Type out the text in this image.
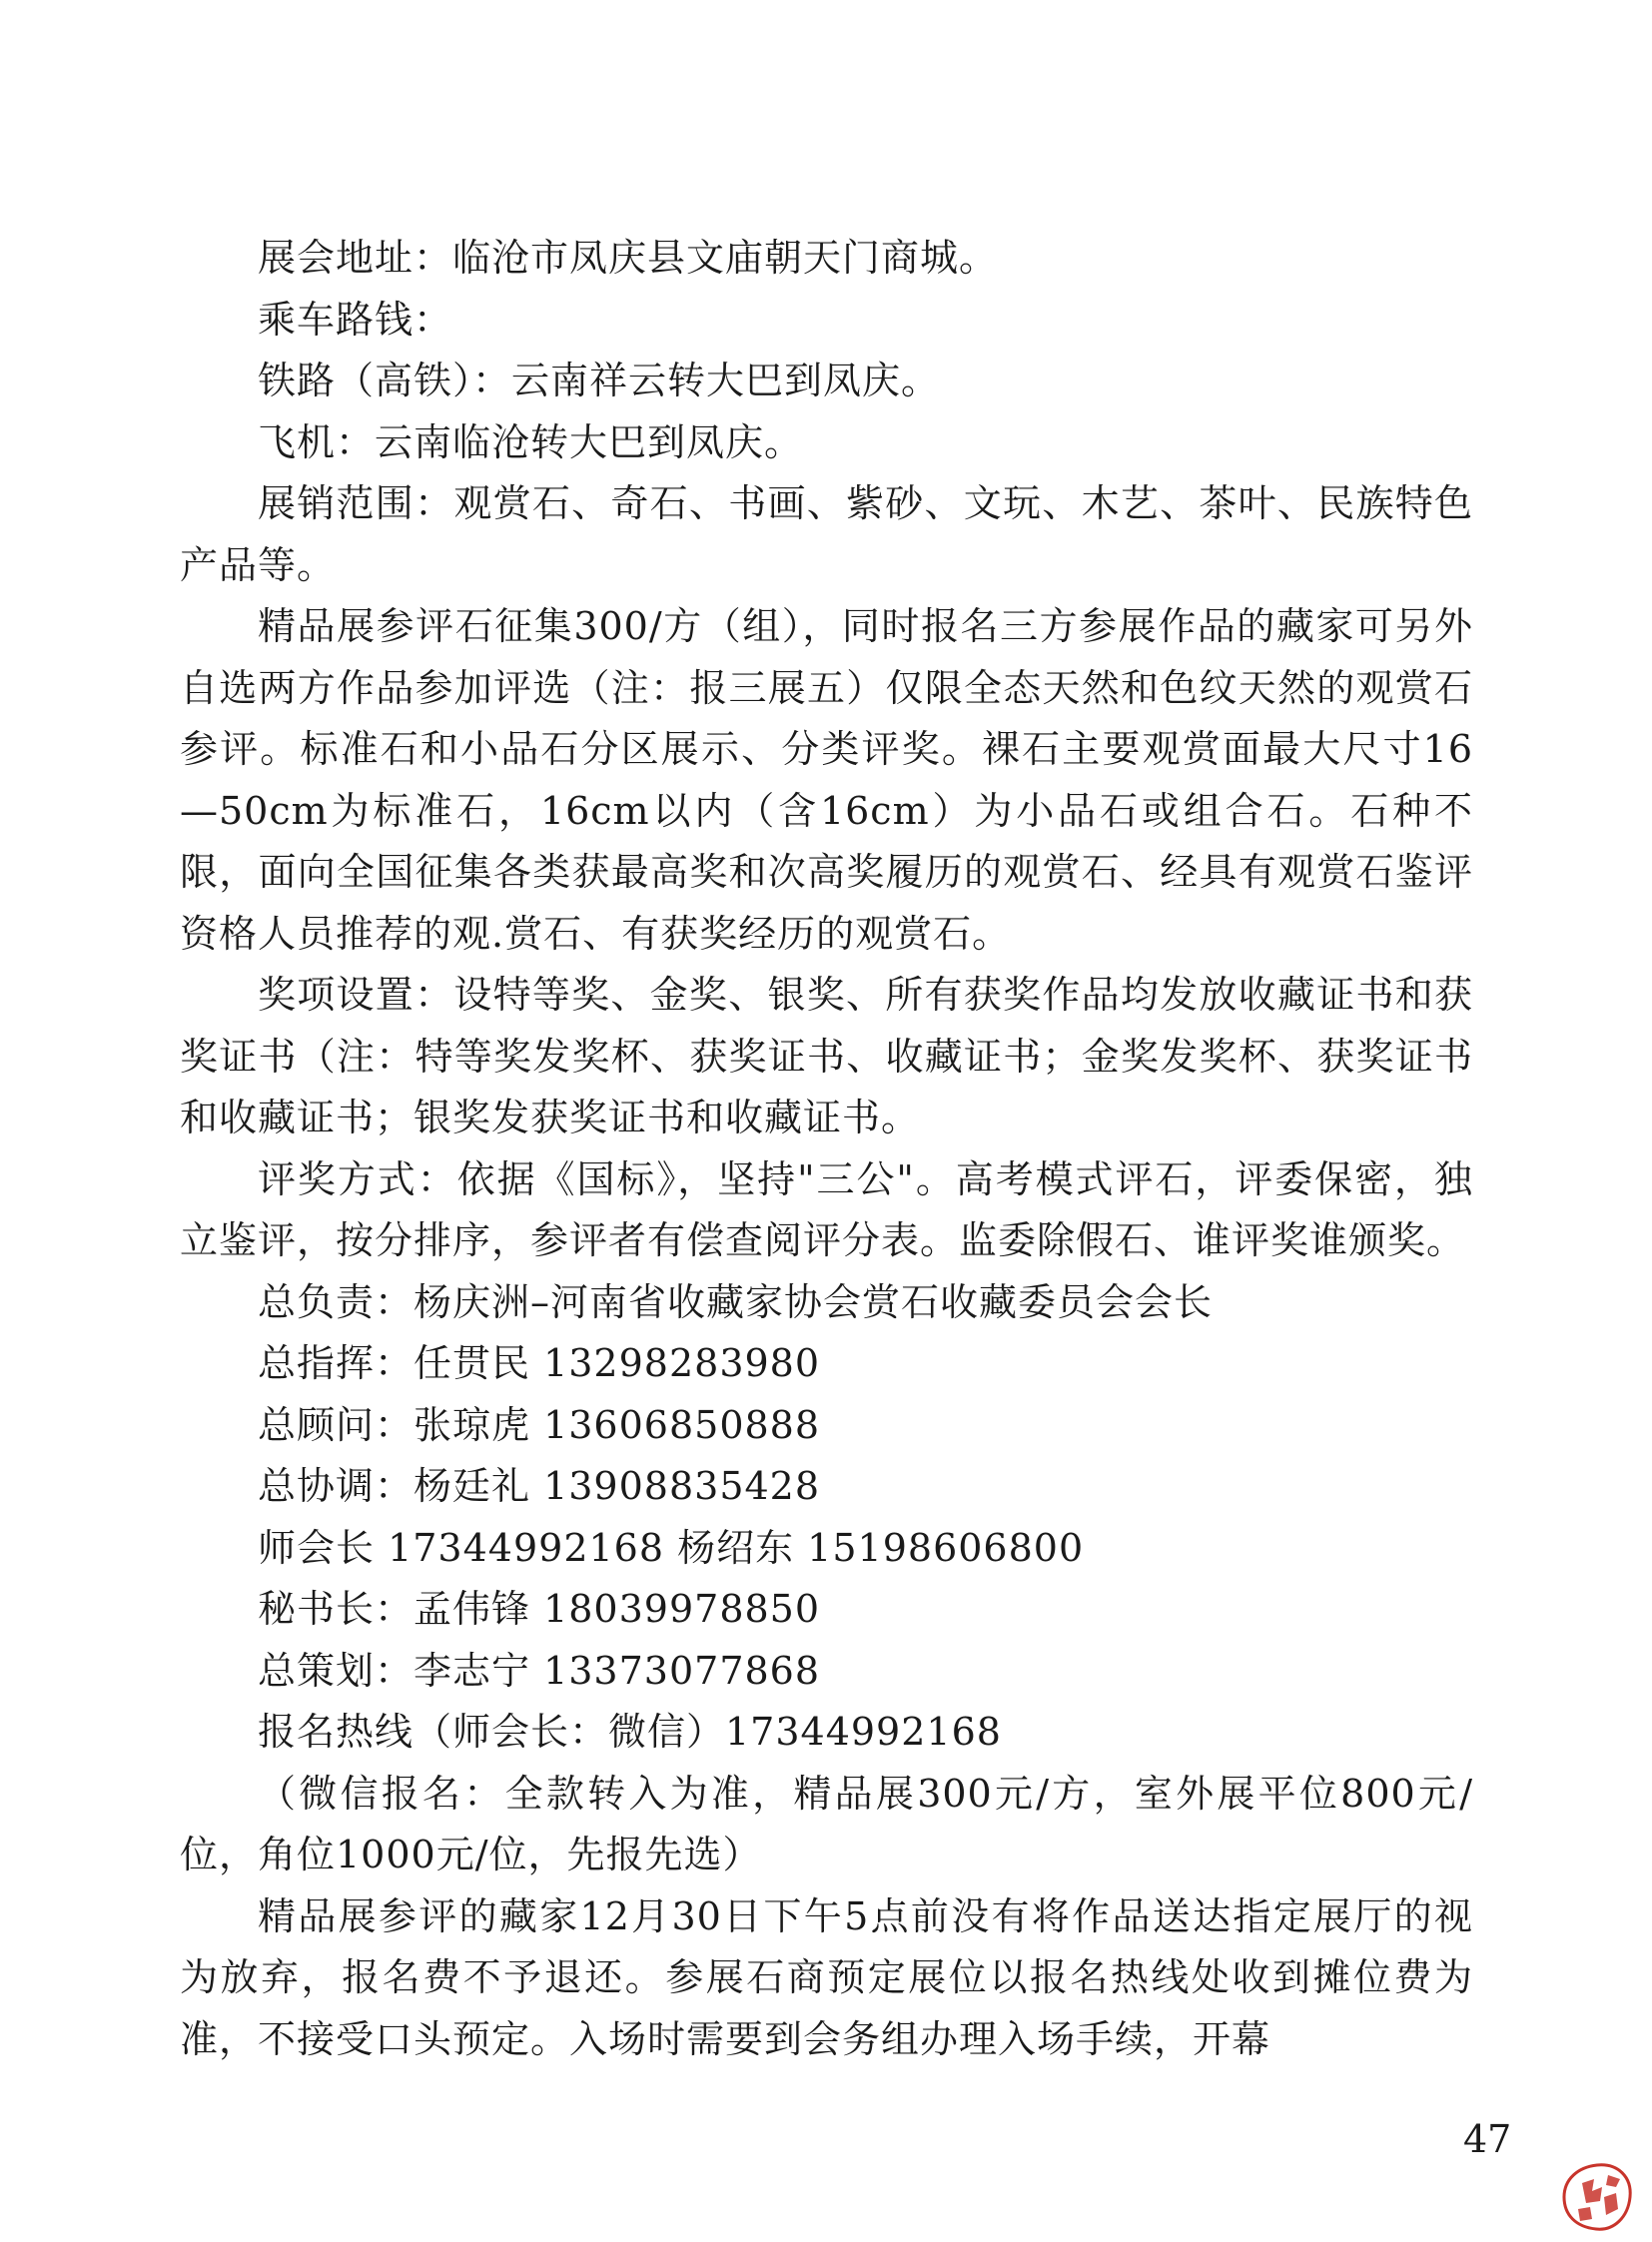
展会地址：临沧市凤庆县文庙朝天门商城。

乘车路钱：

铁路（高铁）：云南祥云转大巴到凤庆。

飞机：云南临沧转大巴到凤庆。

展销范围：观赏石、奇石、书画、紫砂、文玩、木艺、茶叶、民族特色产品等。

精品展参评石征集300/方（组），同时报名三方参展作品的藏家可另外自选两方作品参加评选（注：报三展五）仅限全态天然和色纹天然的观赏石参评。标准石和小品石分区展示、分类评奖。裸石主要观赏面最大尺寸16—50cm为标准石，16cm以内（含16cm）为小品石或组合石。石种不限，面向全国征集各类获最高奖和次高奖履历的观赏石、经具有观赏石鉴评资格人员推荐的观.赏石、有获奖经历的观赏石。

奖项设置：设特等奖、金奖、银奖、所有获奖作品均发放收藏证书和获奖证书（注：特等奖发奖杯、获奖证书、收藏证书；金奖发奖杯、获奖证书和收藏证书；银奖发获奖证书和收藏证书。

评奖方式：依据《国标》，坚持"三公"。高考模式评石，评委保密，独立鉴评，按分排序，参评者有偿查阅评分表。监委除假石、谁评奖谁颁奖。

总负责：杨庆洲–河南省收藏家协会赏石收藏委员会会长

总指挥：任贯民 13298283980

总顾问：张琼虎 13606850888

总协调：杨廷礼 13908835428

师会长 17344992168 杨绍东 15198606800

秘书长：孟伟锋 18039978850

总策划：李志宁 13373077868

报名热线（师会长：微信）17344992168

（微信报名：全款转入为准，精品展300元/方，室外展平位800元/位，角位1000元/位，先报先选）

精品展参评的藏家12月30日下午5点前没有将作品送达指定展厅的视为放弃，报名费不予退还。参展石商预定展位以报名热线处收到摊位费为准，不接受口头预定。入场时需要到会务组办理入场手续，开幕

47
